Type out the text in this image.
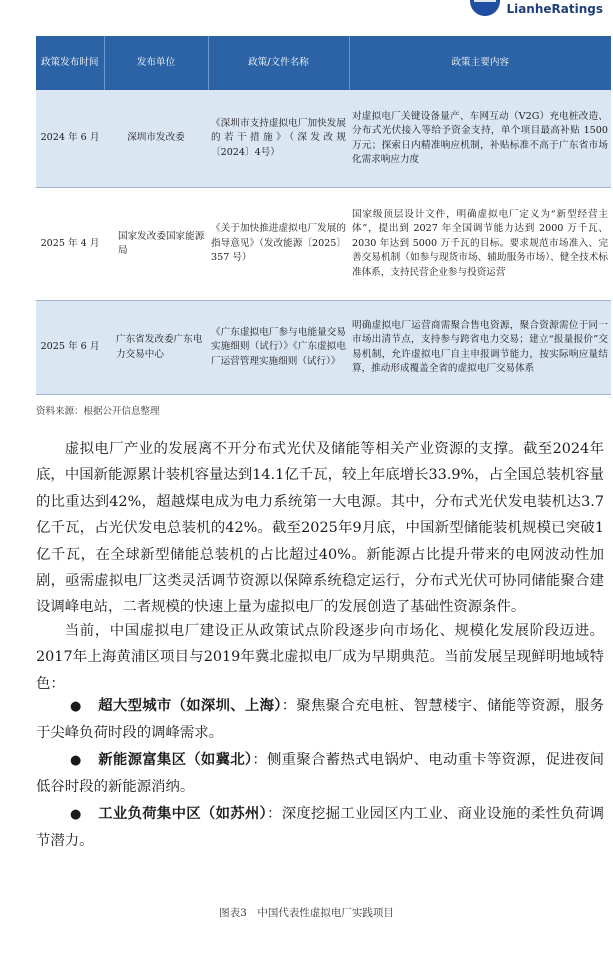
LianheRatings
政策发布时间	发布单位	政策/文件名称	政策主要内容
2024 年 6 月	深圳市发改委	《深圳市支持虚拟电厂加快发展的若干措施》（深发改规〔2024〕4号）	对虚拟电厂关键设备量产、车网互动（V2G）充电桩改造、分布式光伏接入等给予资金支持，单个项目最高补贴 1500 万元；探索日内精准响应机制，补贴标准不高于广东省市场化需求响应力度
2025 年 4 月	国家发改委国家能源局	《关于加快推进虚拟电厂发展的指导意见》（发改能源〔2025〕357 号）	国家级顶层设计文件，明确虚拟电厂定义为“新型经营主体”，提出到 2027 年全国调节能力达到 2000 万千瓦、2030 年达到 5000 万千瓦的目标。要求规范市场准入、完善交易机制（如参与现货市场、辅助服务市场）、健全技术标准体系，支持民营企业参与投资运营
2025 年 6 月	广东省发改委广东电力交易中心	《广东虚拟电厂参与电能量交易实施细则（试行）》《广东虚拟电厂运营管理实施细则（试行）》	明确虚拟电厂运营商需聚合售电资源，聚合资源需位于同一市场出清节点，支持参与跨省电力交易；建立“报量报价”交易机制，允许虚拟电厂自主申报调节能力，按实际响应量结算，推动形成覆盖全省的虚拟电厂交易体系
资料来源：根据公开信息整理

虚拟电厂产业的发展离不开分布式光伏及储能等相关产业资源的支撑。截至2024年底，中国新能源累计装机容量达到14.1亿千瓦，较上年底增长33.9%，占全国总装机容量的比重达到42%，超越煤电成为电力系统第一大电源。其中，分布式光伏发电装机达3.7亿千瓦，占光伏发电总装机的42%。截至2025年9月底，中国新型储能装机规模已突破1亿千瓦，在全球新型储能总装机的占比超过40%。新能源占比提升带来的电网波动性加剧，亟需虚拟电厂这类灵活调节资源以保障系统稳定运行，分布式光伏可协同储能聚合建设调峰电站，二者规模的快速上量为虚拟电厂的发展创造了基础性资源条件。

当前，中国虚拟电厂建设正从政策试点阶段逐步向市场化、规模化发展阶段迈进。2017年上海黄浦区项目与2019年冀北虚拟电厂成为早期典范。当前发展呈现鲜明地域特色：

● 超大型城市（如深圳、上海）：聚焦聚合充电桩、智慧楼宇、储能等资源，服务于尖峰负荷时段的调峰需求。

● 新能源富集区（如冀北）：侧重聚合蓄热式电锅炉、电动重卡等资源，促进夜间低谷时段的新能源消纳。

● 工业负荷集中区（如苏州）：深度挖掘工业园区内工业、商业设施的柔性负荷调节潜力。

图表3　中国代表性虚拟电厂实践项目
